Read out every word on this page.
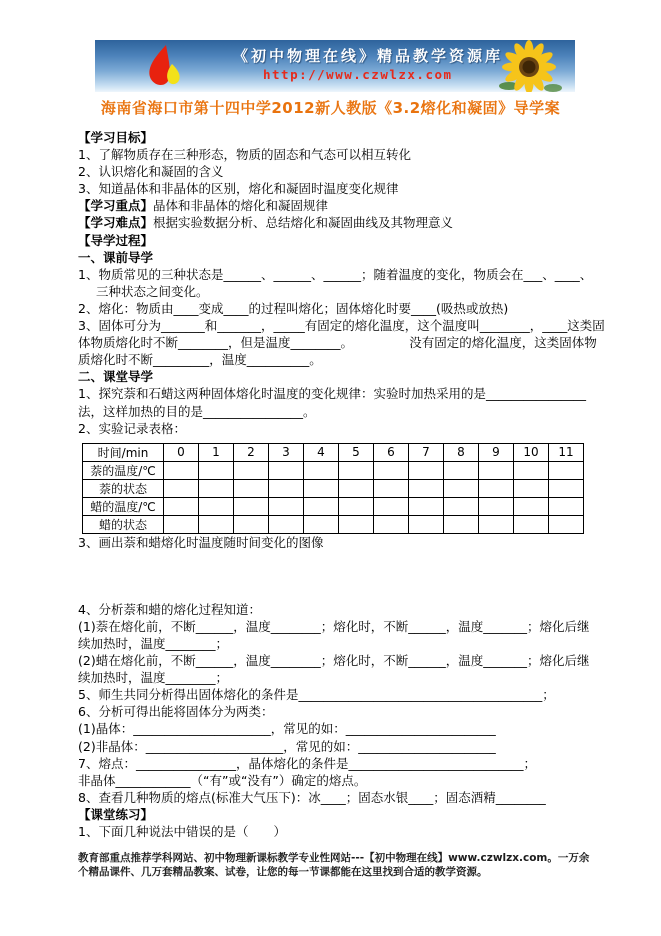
《初中物理在线》精品教学资源库
http://www.czwlzx.com
海南省海口市第十四中学2012新人教版《3.2熔化和凝固》导学案
【学习目标】
1、了解物质存在三种形态，物质的固态和气态可以相互转化
2、认识熔化和凝固的含义
3、知道晶体和非晶体的区别，熔化和凝固时温度变化规律
【学习重点】晶体和非晶体的熔化和凝固规律
【学习难点】根据实验数据分析、总结熔化和凝固曲线及其物理意义
【导学过程】
一、课前导学
1、物质常见的三种状态是______、______、______；随着温度的变化，物质会在___、____、
三种状态之间变化。
2、熔化：物质由____变成____的过程叫熔化；固体熔化时要____(吸热或放热)
3、固体可分为_______和_______，_____有固定的熔化温度，这个温度叫________，____这类固
体物质熔化时不断________，但是温度________。　　　　　没有固定的熔化温度，这类固体物
质熔化时不断_________，温度__________。
二、课堂导学
1、探究萘和石蜡这两种固体熔化时温度的变化规律：实验时加热采用的是________________
法，这样加热的目的是________________。
2、实验记录表格：
时间/min	0	1	2	3	4	5	6	7	8	9	10	11
萘的温度/℃												
萘的状态												
蜡的温度/℃												
蜡的状态												
3、画出萘和蜡熔化时温度随时间变化的图像
4、分析萘和蜡的熔化过程知道：
(1)萘在熔化前，不断______，温度________；熔化时，不断______，温度_______；熔化后继
续加热时，温度________；
(2)蜡在熔化前，不断______，温度________；熔化时，不断______，温度_______；熔化后继
续加热时，温度________；
5、师生共同分析得出固体熔化的条件是_______________________________________；
6、分析可得出能将固体分为两类：
(1)晶体：______________________，常见的如：________________________
(2)非晶体：______________________，常见的如：______________________
7、熔点：________________，晶体熔化的条件是____________________________；
非晶体____________（“有”或“没有”）确定的熔点。
8、查看几种物质的熔点(标准大气压下)：冰____；固态水银____；固态酒精________
【课堂练习】
1、下面几种说法中错误的是（　　）
教育部重点推荐学科网站、初中物理新课标教学专业性网站---【初中物理在线】www.czwlzx.com。一万余个精品课件、几万套精品教案、试卷，让您的每一节课都能在这里找到合适的教学资源。
